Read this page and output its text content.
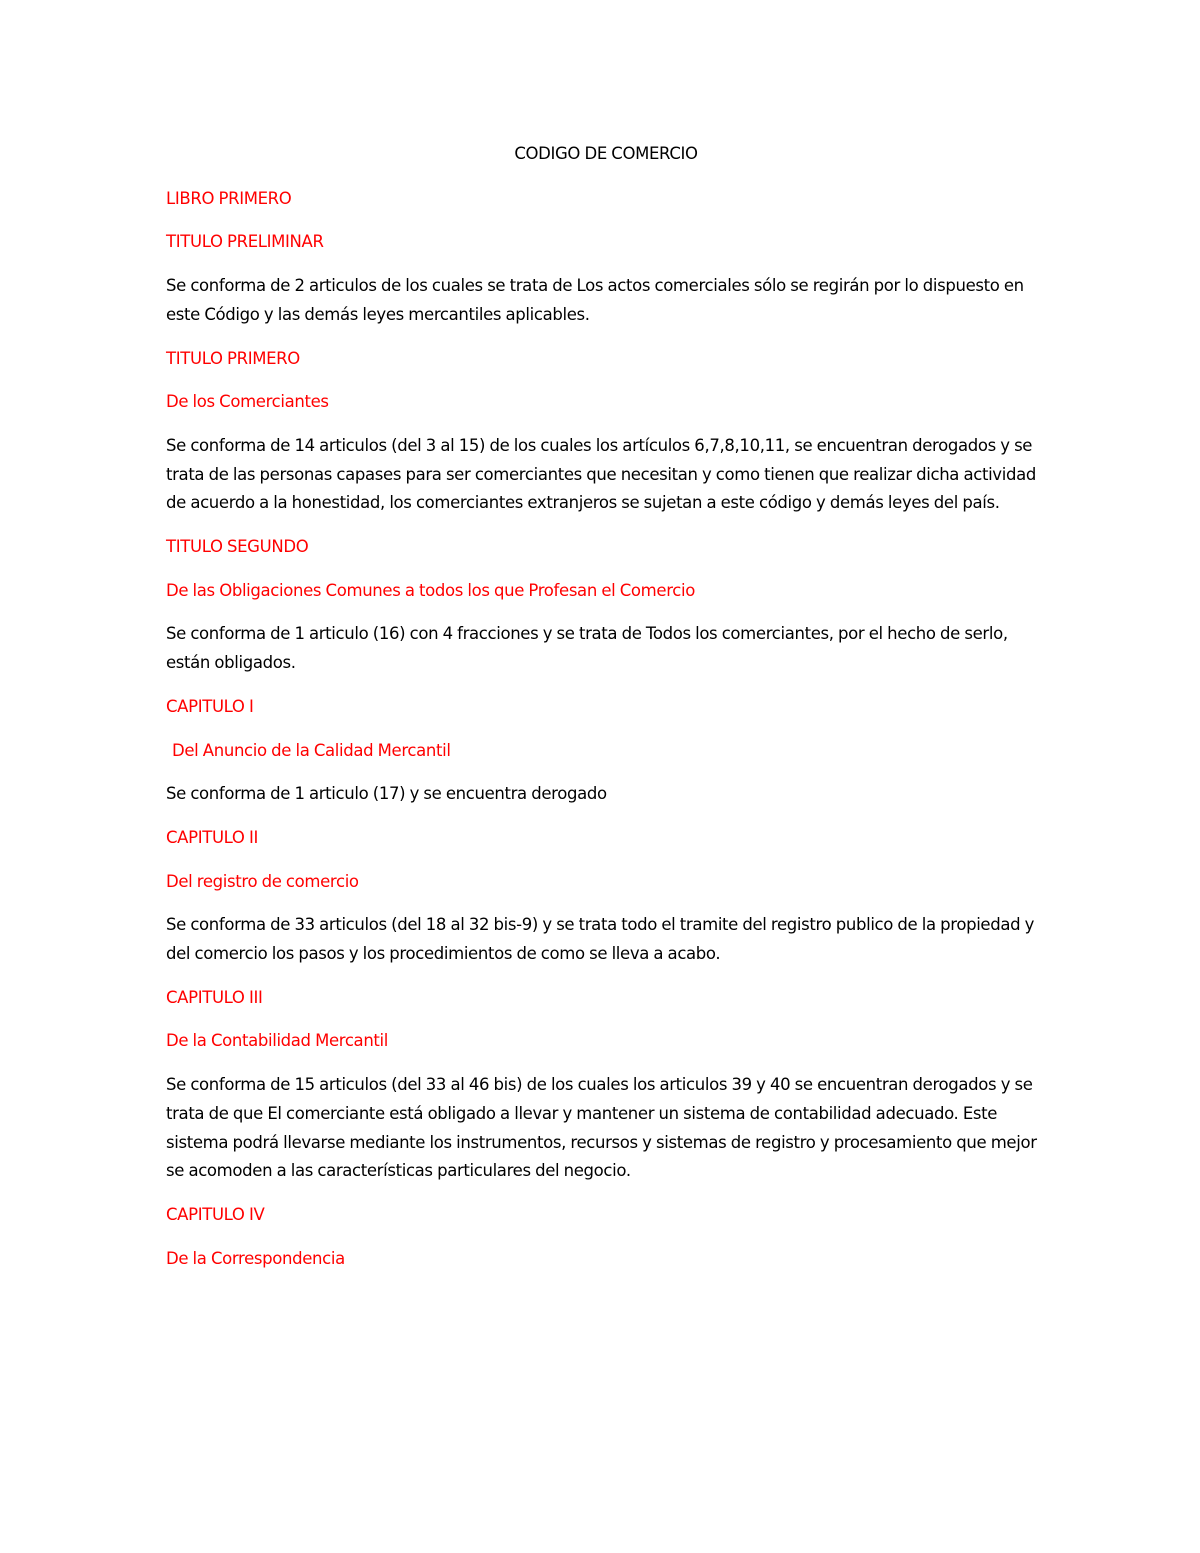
CODIGO DE COMERCIO
LIBRO PRIMERO
TITULO PRELIMINAR
Se conforma de 2 articulos de los cuales se trata de Los actos comerciales sólo se regirán por lo dispuesto en este Código y las demás leyes mercantiles aplicables.
TITULO PRIMERO
De los Comerciantes
Se conforma de 14 articulos (del 3 al 15) de los cuales los artículos 6,7,8,10,11, se encuentran derogados y se trata de las personas capases para ser comerciantes que necesitan y como tienen que realizar dicha actividad de acuerdo a la honestidad, los comerciantes extranjeros se sujetan a este código y demás leyes del país.
TITULO SEGUNDO
De las Obligaciones Comunes a todos los que Profesan el Comercio
Se conforma de 1 articulo (16) con 4 fracciones y se trata de Todos los comerciantes, por el hecho de serlo, están obligados.
CAPITULO I
Del Anuncio de la Calidad Mercantil
Se conforma de 1 articulo (17) y se encuentra derogado
CAPITULO II
Del registro de comercio
Se conforma de 33 articulos (del 18 al 32 bis-9) y se trata todo el tramite del registro publico de la propiedad y del comercio los pasos y los procedimientos de como se lleva a acabo.
CAPITULO III
De la Contabilidad Mercantil
Se conforma de 15 articulos (del 33 al 46 bis) de los cuales los articulos 39 y 40 se encuentran derogados y se trata de que El comerciante está obligado a llevar y mantener un sistema de contabilidad adecuado. Este sistema podrá llevarse mediante los instrumentos, recursos y sistemas de registro y procesamiento que mejor se acomoden a las características particulares del negocio.
CAPITULO IV
De la Correspondencia
